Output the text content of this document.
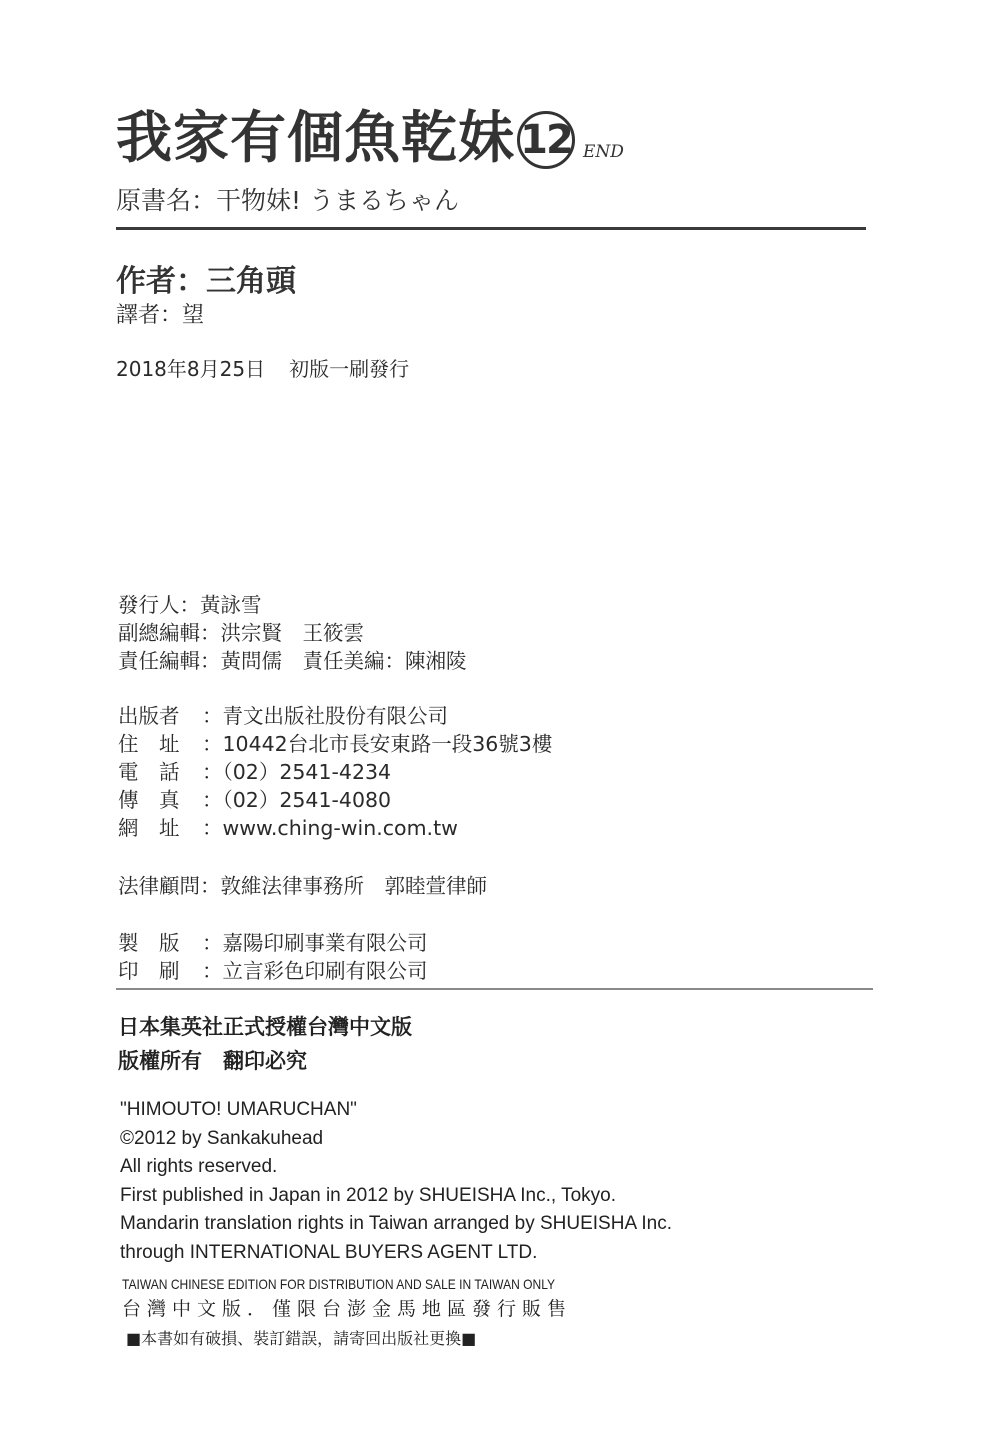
我家有個魚乾妹 12 END
原書名：干物妹! うまるちゃん
作者：三角頭
譯者：望
2018年8月25日 初版一刷發行
發行人：黃詠雪
副總編輯：洪宗賢　王筱雲
責任編輯：黃問儒　責任美編：陳湘陵
出版者 ：青文出版社股份有限公司
住　址 ：10442台北市長安東路一段36號3樓
電　話 ：（02）2541-4234
傳　真 ：（02）2541-4080
網　址 ：www.ching-win.com.tw
法律顧問：敦維法律事務所　郭睦萱律師
製　版 ：嘉陽印刷事業有限公司
印　刷 ：立言彩色印刷有限公司
日本集英社正式授權台灣中文版
版權所有　翻印必究
"HIMOUTO! UMARUCHAN"
©2012 by Sankakuhead
All rights reserved.
First published in Japan in 2012 by SHUEISHA Inc., Tokyo.
Mandarin translation rights in Taiwan arranged by SHUEISHA Inc.
through INTERNATIONAL BUYERS AGENT LTD.
TAIWAN CHINESE EDITION FOR DISTRIBUTION AND SALE IN TAIWAN ONLY
台灣中文版．僅限台澎金馬地區發行販售
■本書如有破損、裝訂錯誤，請寄回出版社更換■
